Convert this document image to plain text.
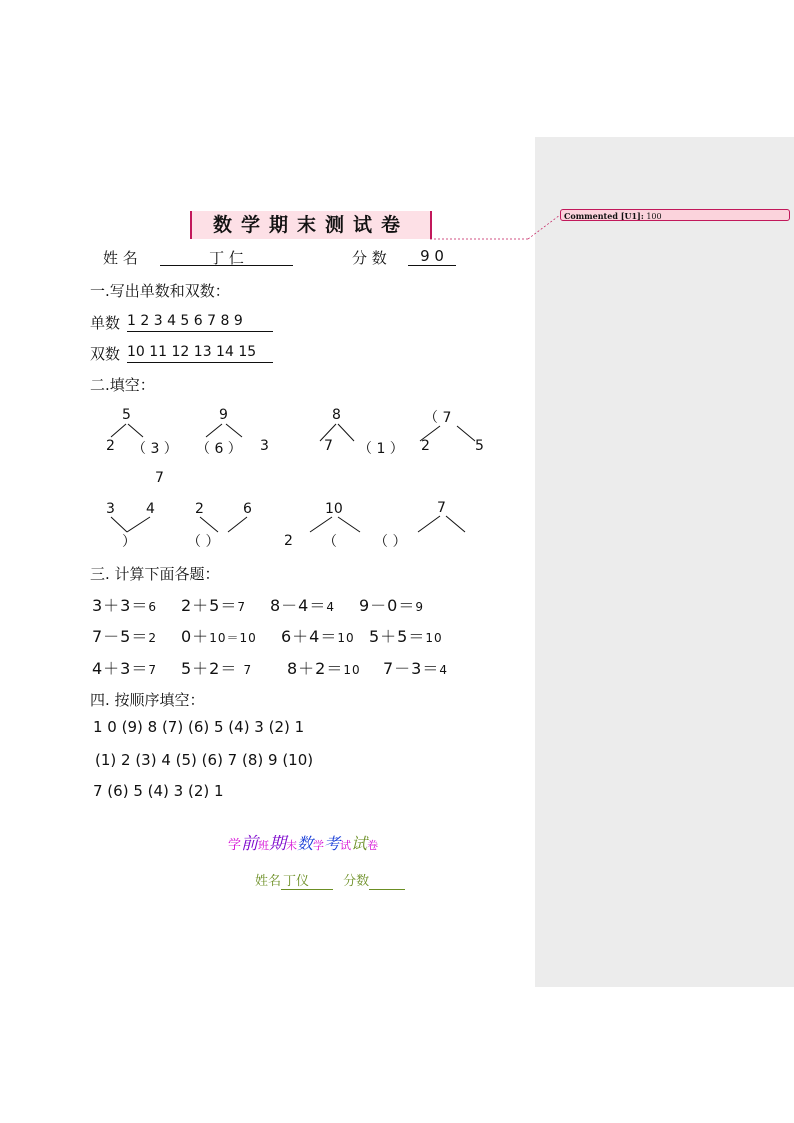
Commented [U1]: 100
数学期末测试卷
姓 名	丁 仁	分 数	9 0
一.写出单数和双数：
单数 1 2 3 4 5 6 7 8 9
双数 10 11 12 13 14 15
二.填空：
5
2 （ 3 ）
9
（ 6 ） 3
8
7 （ 1 ）
（ 7
2	5
7
3 4
）
2	6
（ ）
10
2 （	（ ）
7
三. 计算下面各题：
3＋3＝6 2＋5＝7 8－4＝4 9－0＝9
7－5＝2 0＋10＝10 6＋4＝10 5＋5＝10
4＋3＝7 5＋2＝ 7 8＋2＝10 7－3＝4
四. 按顺序填空：
1 0 (9) 8 (7) (6) 5 (4) 3 (2) 1
(1) 2 (3) 4 (5) (6) 7 (8) 9 (10)
7 (6) 5 (4) 3 (2) 1
学前班期末数学考试试卷
姓名 丁仪	分数
